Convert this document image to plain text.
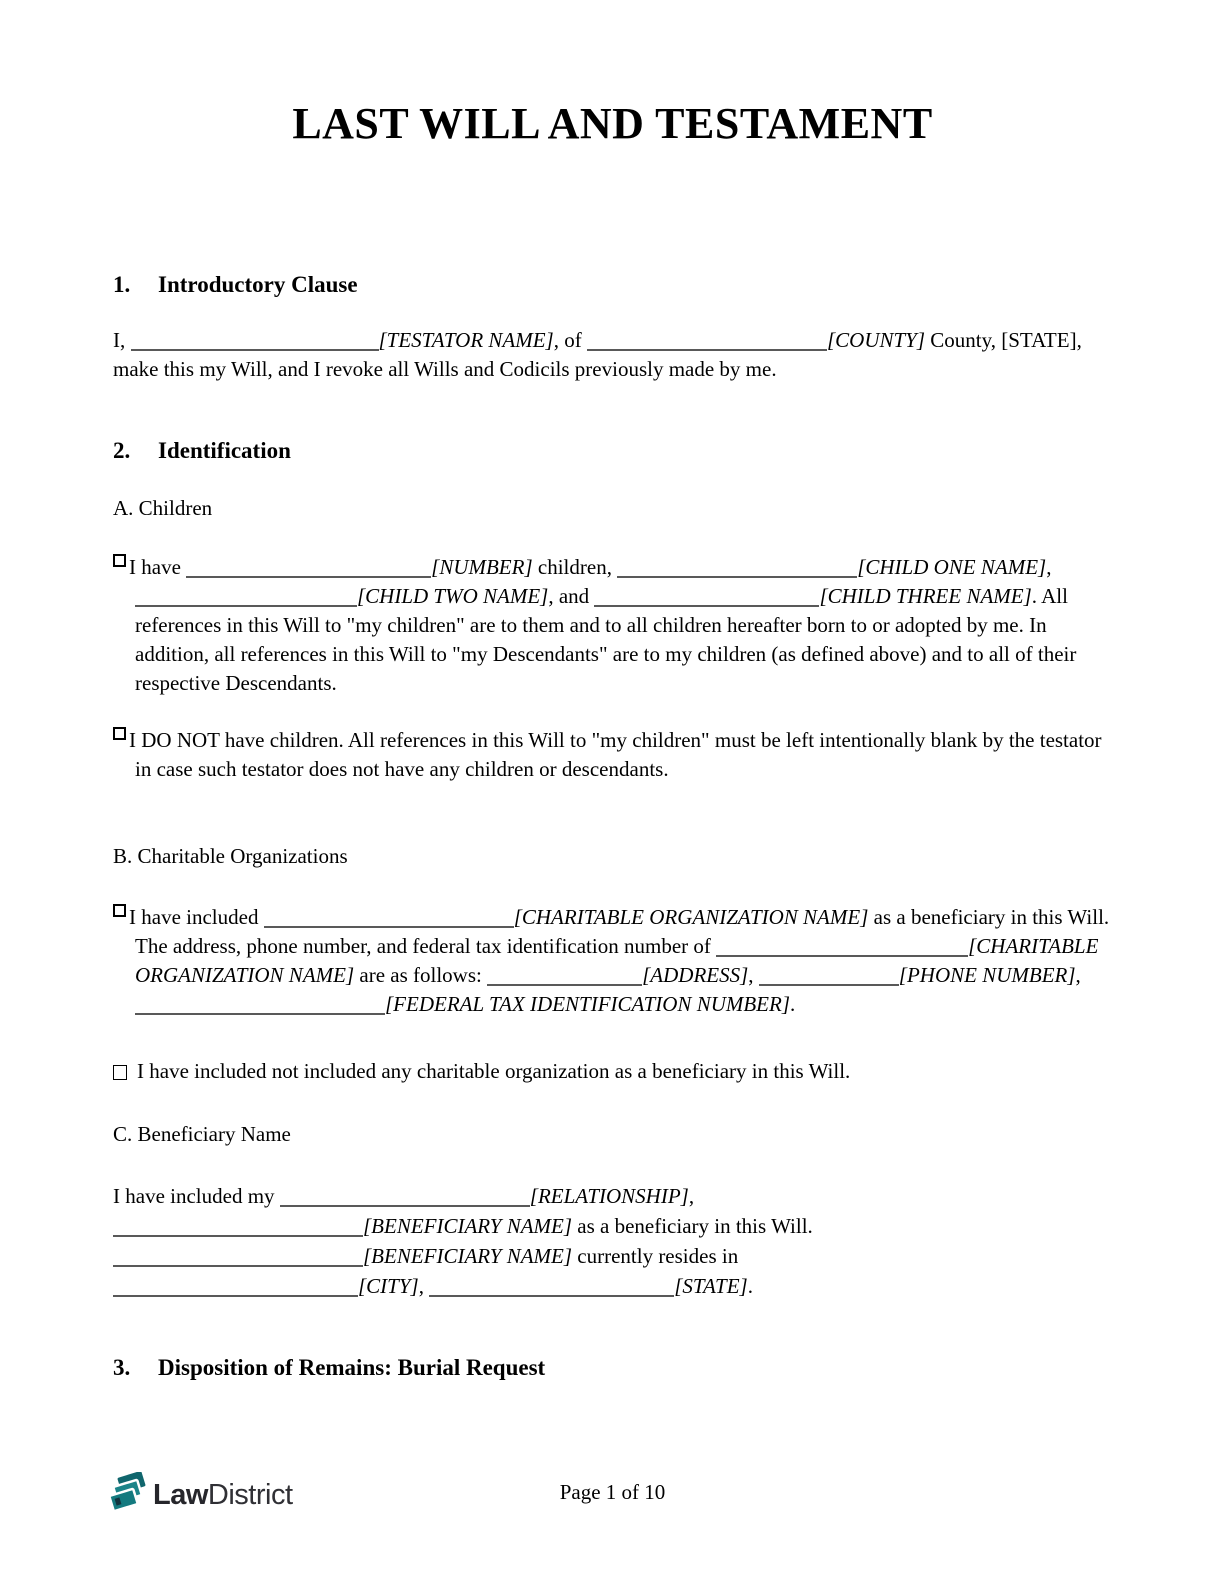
LAST WILL AND TESTAMENT
1. Introductory Clause

I,	[TESTATOR NAME], of	[COUNTY] County, [STATE], make this my Will, and I revoke all Wills and Codicils previously made by me.

2. Identification

A. Children

I have	[NUMBER] children,	[CHILD ONE NAME], [CHILD TWO NAME], and	[CHILD THREE NAME]. All references in this Will to "my children" are to them and to all children hereafter born to or adopted by me. In addition, all references in this Will to "my Descendants" are to my children (as defined above) and to all of their respective Descendants.

I DO NOT have children. All references in this Will to "my children" must be left intentionally blank by the testator in case such testator does not have any children or descendants.

B. Charitable Organizations

I have included	[CHARITABLE ORGANIZATION NAME] as a beneficiary in this Will. The address, phone number, and federal tax identification number of	[CHARITABLE ORGANIZATION NAME] are as follows:	[ADDRESS],	[PHONE NUMBER], [FEDERAL TAX IDENTIFICATION NUMBER].

I have included not included any charitable organization as a beneficiary in this Will.

C. Beneficiary Name

I have included my	[RELATIONSHIP],
[BENEFICIARY NAME] as a beneficiary in this Will.
[BENEFICIARY NAME] currently resides in
[CITY],	[STATE].

3. Disposition of Remains: Burial Request
Page 1 of 10
LawDistrict
